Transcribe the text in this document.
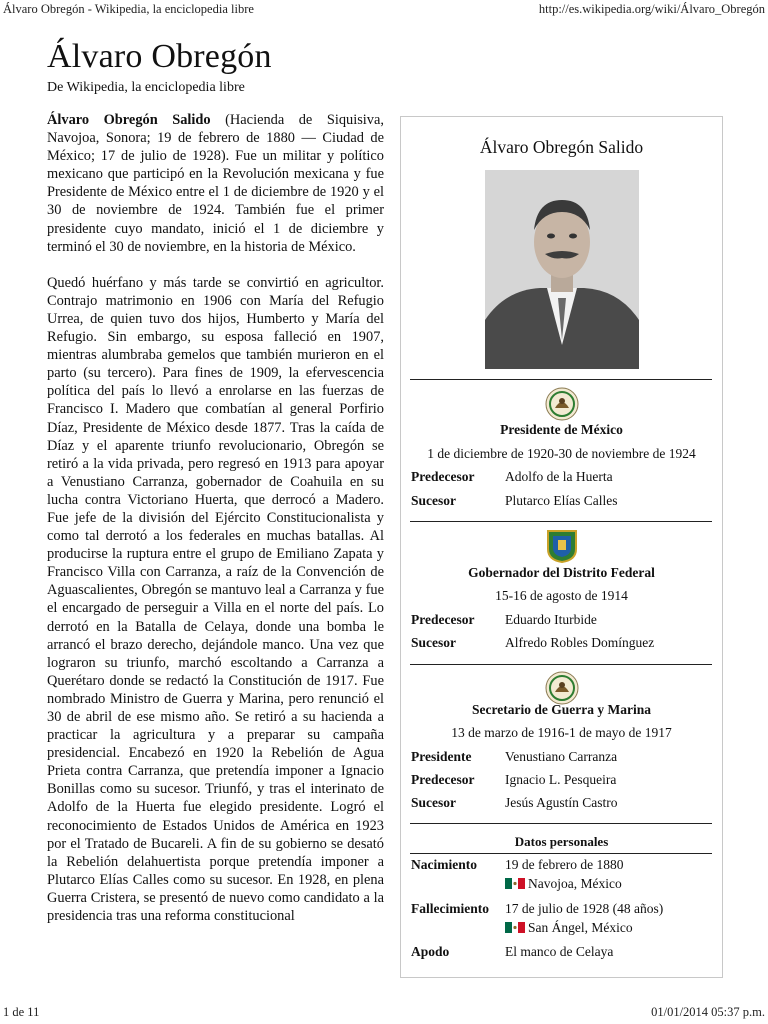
Álvaro Obregón - Wikipedia, la enciclopedia libre	http://es.wikipedia.org/wiki/Álvaro_Obregón
Álvaro Obregón
De Wikipedia, la enciclopedia libre

Álvaro Obregón Salido (Hacienda de Siquisiva, Navojoa, Sonora; 19 de febrero de 1880 — Ciudad de México; 17 de julio de 1928). Fue un militar y político mexicano que participó en la Revolución mexicana y fue Presidente de México entre el 1 de diciembre de 1920 y el 30 de noviembre de 1924. También fue el primer presidente cuyo mandato, inició el 1 de diciembre y terminó el 30 de noviembre, en la historia de México.

Quedó huérfano y más tarde se convirtió en agricultor. Contrajo matrimonio en 1906 con María del Refugio Urrea, de quien tuvo dos hijos, Humberto y María del Refugio. Sin embargo, su esposa falleció en 1907, mientras alumbraba gemelos que también murieron en el parto (su tercero). Para fines de 1909, la efervescencia política del país lo llevó a enrolarse en las fuerzas de Francisco I. Madero que combatían al general Porfirio Díaz, Presidente de México desde 1877. Tras la caída de Díaz y el aparente triunfo revolucionario, Obregón se retiró a la vida privada, pero regresó en 1913 para apoyar a Venustiano Carranza, gobernador de Coahuila en su lucha contra Victoriano Huerta, que derrocó a Madero. Fue jefe de la división del Ejército Constitucionalista y como tal derrotó a los federales en muchas batallas. Al producirse la ruptura entre el grupo de Emiliano Zapata y Francisco Villa con Carranza, a raíz de la Convención de Aguascalientes, Obregón se mantuvo leal a Carranza y fue el encargado de perseguir a Villa en el norte del país. Lo derrotó en la Batalla de Celaya, donde una bomba le arrancó el brazo derecho, dejándole manco. Una vez que lograron su triunfo, marchó escoltando a Carranza a Querétaro donde se redactó la Constitución de 1917. Fue nombrado Ministro de Guerra y Marina, pero renunció el 30 de abril de ese mismo año. Se retiró a su hacienda a practicar la agricultura y a preparar su campaña presidencial. Encabezó en 1920 la Rebelión de Agua Prieta contra Carranza, que pretendía imponer a Ignacio Bonillas como su sucesor. Triunfó, y tras el interinato de Adolfo de la Huerta fue elegido presidente. Logró el reconocimiento de Estados Unidos de América en 1923 por el Tratado de Bucareli. A fin de su gobierno se desató la Rebelión delahuertista porque pretendía imponer a Plutarco Elías Calles como su sucesor. En 1928, en plena Guerra Cristera, se presentó de nuevo como candidato a la presidencia tras una reforma constitucional

Álvaro Obregón Salido
Presidente de México
1 de diciembre de 1920-30 de noviembre de 1924
Predecesor Adolfo de la Huerta
Sucesor	Plutarco Elías Calles
Gobernador del Distrito Federal
15-16 de agosto de 1914
Predecesor Eduardo Iturbide
Sucesor	Alfredo Robles Domínguez
Secretario de Guerra y Marina
13 de marzo de 1916-1 de mayo de 1917
Presidente Venustiano Carranza
Predecesor Ignacio L. Pesqueira
Sucesor	Jesús Agustín Castro
Datos personales
Nacimiento 19 de febrero de 1880
Navojoa, México
Fallecimiento 17 de julio de 1928 (48 años)
San Ángel, México
Apodo	El manco de Celaya
1 de 11	01/01/2014 05:37 p.m.
